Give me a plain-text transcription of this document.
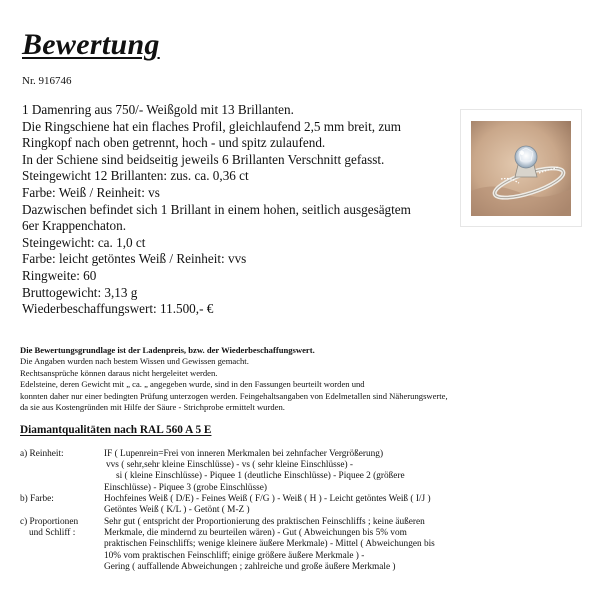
Bewertung
Nr. 916746
1 Damenring aus 750/- Weißgold mit 13 Brillanten.
Die Ringschiene hat ein flaches Profil, gleichlaufend 2,5 mm breit, zum
Ringkopf nach oben getrennt, hoch - und spitz zulaufend.
In der Schiene sind beidseitig jeweils 6 Brillanten Verschnitt gefasst.
Steingewicht 12 Brillanten: zus. ca. 0,36 ct
Farbe: Weiß / Reinheit: vs
Dazwischen befindet sich 1 Brillant in einem hohen, seitlich ausgesägtem
6er Krappenchaton.
Steingewicht: ca. 1,0 ct
Farbe: leicht getöntes Weiß / Reinheit: vvs
Ringweite: 60
Bruttogewicht: 3,13 g
Wiederbeschaffungswert: 11.500,- €
Die Bewertungsgrundlage ist der Ladenpreis, bzw. der Wiederbeschaffungswert.
Die Angaben wurden nach bestem Wissen und Gewissen gemacht.
Rechtsansprüche können daraus nicht hergeleitet werden.
Edelsteine, deren Gewicht mit „ ca. „ angegeben wurde, sind in den Fassungen beurteilt worden und
konnten daher nur einer bedingten Prüfung unterzogen werden. Feingehaltsangaben von Edelmetallen sind Näherungswerte,
da sie aus Kostengründen mit Hilfe der Säure - Strichprobe ermittelt wurden.
Diamantqualitäten nach RAL 560 A 5 E
a) Reinheit:	IF ( Lupenrein=Frei von inneren Merkmalen bei zehnfacher Vergrößerung)
vvs ( sehr,sehr kleine Einschlüsse) - vs ( sehr kleine Einschlüsse) -
si ( kleine Einschlüsse) - Piquee 1 (deutliche Einschlüsse) - Piquee 2 (größere
Einschlüsse) - Piquee 3 (grobe Einschlüsse)
b) Farbe:	Hochfeines Weiß ( D/E) - Feines Weiß ( F/G ) - Weiß ( H ) - Leicht getöntes Weiß ( I/J )
Getöntes Weiß ( K/L ) - Getönt ( M-Z )
c) Proportionen
und Schliff :
Sehr gut ( entspricht der Proportionierung des praktischen Feinschliffs ; keine äußeren
Merkmale, die mindernd zu beurteilen wären) - Gut ( Abweichungen bis 5% vom
praktischen Feinschliffs; wenige kleinere äußere Merkmale) - Mittel ( Abweichungen bis
10% vom praktischen Feinschliff; einige größere äußere Merkmale ) -
Gering ( auffallende Abweichungen ; zahlreiche und große äußere Merkmale )
